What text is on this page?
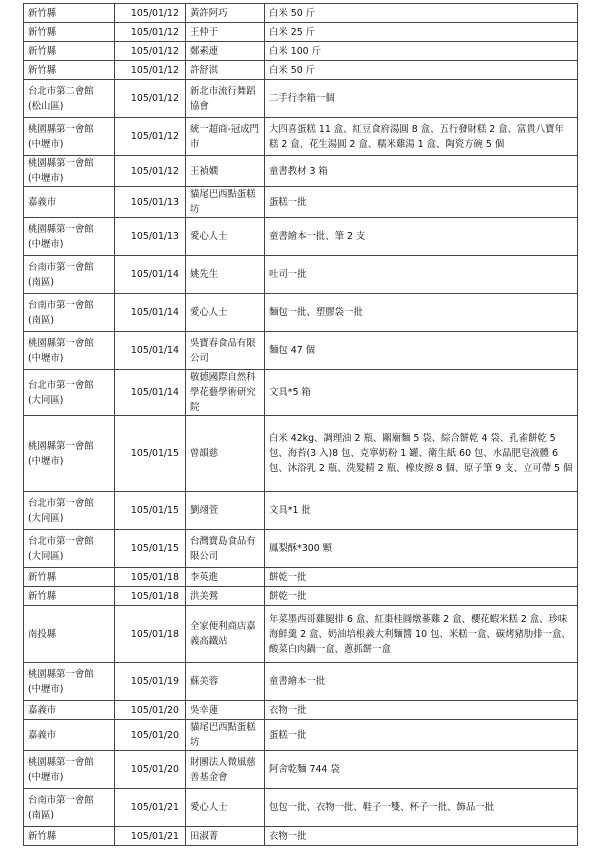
新竹縣	105/01/12	黃許阿巧	白米 50 斤
新竹縣	105/01/12	王仲于	白米 25 斤
新竹縣	105/01/12	鄭素連	白米 100 斤
新竹縣	105/01/12	許舒淇	白米 50 斤
台北市第二會館
(松山區)	105/01/12	新北市流行舞蹈協會	二手行李箱一個
桃園縣第一會館
(中壢市)	105/01/12	統一超商-冠成門市	大四喜蛋糕 11 盒、紅豆食府湯圓 8 盒、五行發財糕 2 盒、富貴八寶年糕 2 盒、花生湯圓 2 盒、糯米雞湯 1 盒、陶瓷方碗 5 個
桃園縣第一會館
(中壢市)	105/01/12	王禎嫺	童書教材 3 箱
嘉義市	105/01/13	貓尾巴西點蛋糕坊	蛋糕一批
桃園縣第一會館
(中壢市)	105/01/13	愛心人士	童書繪本一批、筆 2 支
台南市第一會館
(南區)	105/01/14	姚先生	吐司一批
台南市第一會館
(南區)	105/01/14	愛心人士	麵包一批、塑膠袋一批
桃園縣第一會館
(中壢市)	105/01/14	吳寶春食品有限公司	麵包 47 個
台北市第一會館
(大同區)	105/01/14	敬德國際自然科學花藝學術研究院	文具*5 箱
桃園縣第一會館
(中壢市)	105/01/15	曾韻慈	白米 42kg、調理油 2 瓶、關廟麵 5 袋、綜合餅乾 4 袋、孔雀餅乾 5 包、海苔(3 入)8 包、克寧奶粉 1 罐、衛生紙 60 包、水晶肥皂液體 6 包、沐浴乳 2 瓶、洗髮精 2 瓶、橡皮擦 8 個、原子筆 9 支、立可帶 5 個
台北市第一會館
(大同區)	105/01/15	劉翊萱	文具*1 批
台北市第一會館
(大同區)	105/01/15	台灣寶島食品有限公司	鳳梨酥*300 顆
新竹縣	105/01/18	李英進	餅乾一批
新竹縣	105/01/18	洪美鶯	餅乾一批
南投縣	105/01/18	全家便利商店嘉義高鐵站	年菜墨西哥雞腿排 6 盒、紅棗桂圓燉蔘雞 2 盒、櫻花蝦米糕 2 盒、珍味海鮮羹 2 盒、奶油培根義大利麵醬 10 包、米糕一盒、碳烤豬肋排一盒、酸菜白肉鍋一盒、蔥抓餅一盒
桃園縣第一會館
(中壢市)	105/01/19	蘇美蓉	童書繪本一批
嘉義市	105/01/20	吳幸蓮	衣物一批
嘉義市	105/01/20	貓尾巴西點蛋糕坊	蛋糕一批
桃園縣第一會館
(中壢市)	105/01/20	財團法人微風慈善基金會	阿舍乾麵 744 袋
台南市第一會館
(南區)	105/01/21	愛心人士	包包一批、衣物一批、鞋子一雙、杯子一批、飾品一批
新竹縣	105/01/21	田淑菁	衣物一批
